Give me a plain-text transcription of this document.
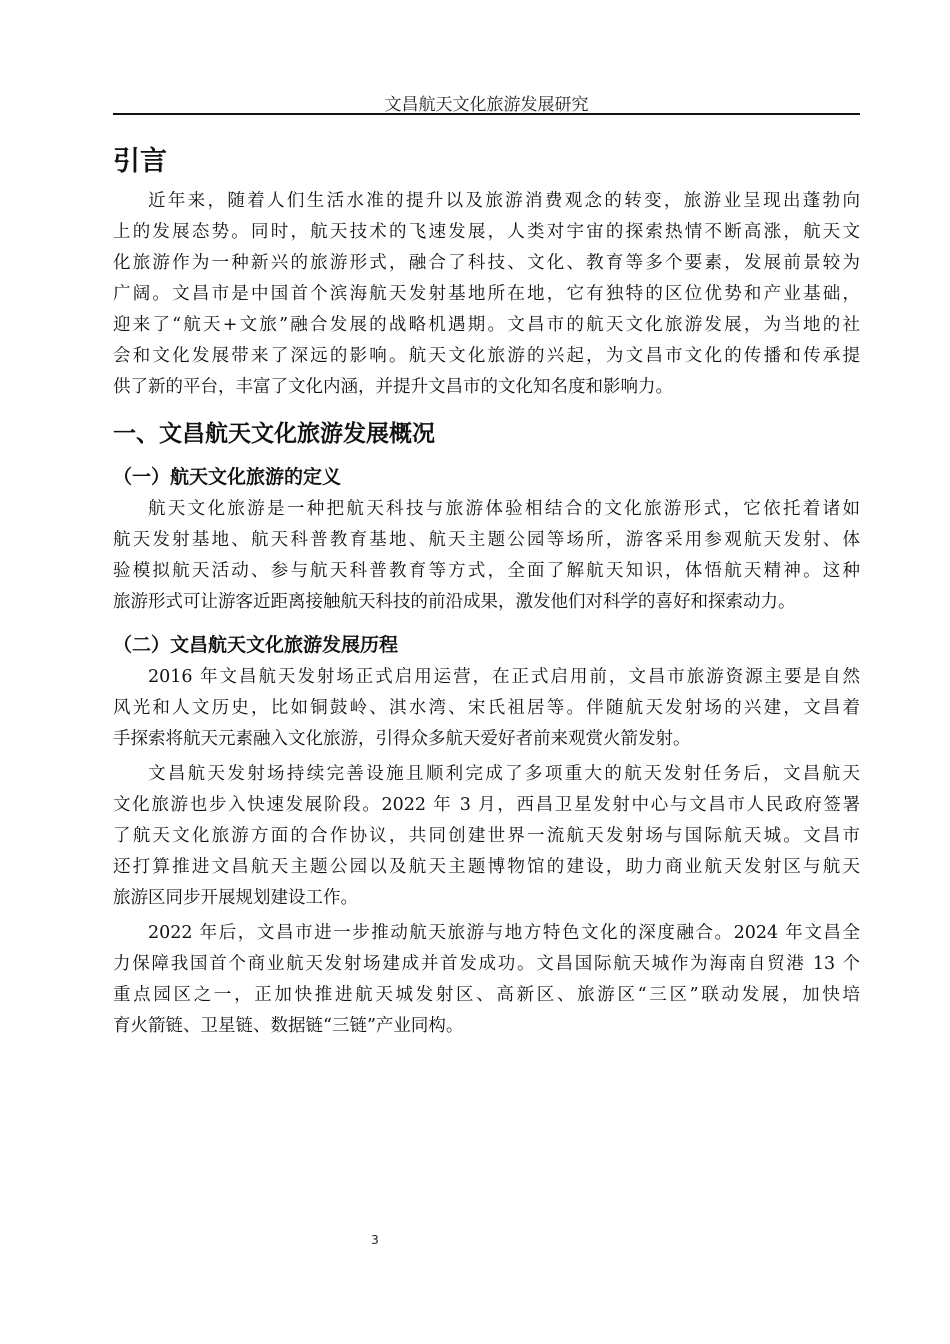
文昌航天文化旅游发展研究
引言
近年来，随着人们生活水准的提升以及旅游消费观念的转变，旅游业呈现出蓬勃向
上的发展态势。同时，航天技术的飞速发展，人类对宇宙的探索热情不断高涨，航天文
化旅游作为一种新兴的旅游形式，融合了科技、文化、教育等多个要素，发展前景较为
广阔。文昌市是中国首个滨海航天发射基地所在地，它有独特的区位优势和产业基础，
迎来了“航天+文旅”融合发展的战略机遇期。文昌市的航天文化旅游发展，为当地的社
会和文化发展带来了深远的影响。航天文化旅游的兴起，为文昌市文化的传播和传承提
供了新的平台，丰富了文化内涵，并提升文昌市的文化知名度和影响力。
一、文昌航天文化旅游发展概况
（一）航天文化旅游的定义
航天文化旅游是一种把航天科技与旅游体验相结合的文化旅游形式，它依托着诸如
航天发射基地、航天科普教育基地、航天主题公园等场所，游客采用参观航天发射、体
验模拟航天活动、参与航天科普教育等方式，全面了解航天知识，体悟航天精神。这种
旅游形式可让游客近距离接触航天科技的前沿成果，激发他们对科学的喜好和探索动力。
（二）文昌航天文化旅游发展历程
2016 年文昌航天发射场正式启用运营，在正式启用前，文昌市旅游资源主要是自然
风光和人文历史，比如铜鼓岭、淇水湾、宋氏祖居等。伴随航天发射场的兴建，文昌着
手探索将航天元素融入文化旅游，引得众多航天爱好者前来观赏火箭发射。
文昌航天发射场持续完善设施且顺利完成了多项重大的航天发射任务后，文昌航天
文化旅游也步入快速发展阶段。2022 年 3 月，西昌卫星发射中心与文昌市人民政府签署
了航天文化旅游方面的合作协议，共同创建世界一流航天发射场与国际航天城。文昌市
还打算推进文昌航天主题公园以及航天主题博物馆的建设，助力商业航天发射区与航天
旅游区同步开展规划建设工作。
2022 年后，文昌市进一步推动航天旅游与地方特色文化的深度融合。2024 年文昌全
力保障我国首个商业航天发射场建成并首发成功。文昌国际航天城作为海南自贸港 13 个
重点园区之一，正加快推进航天城发射区、高新区、旅游区“三区”联动发展，加快培
育火箭链、卫星链、数据链“三链”产业同构。
3
